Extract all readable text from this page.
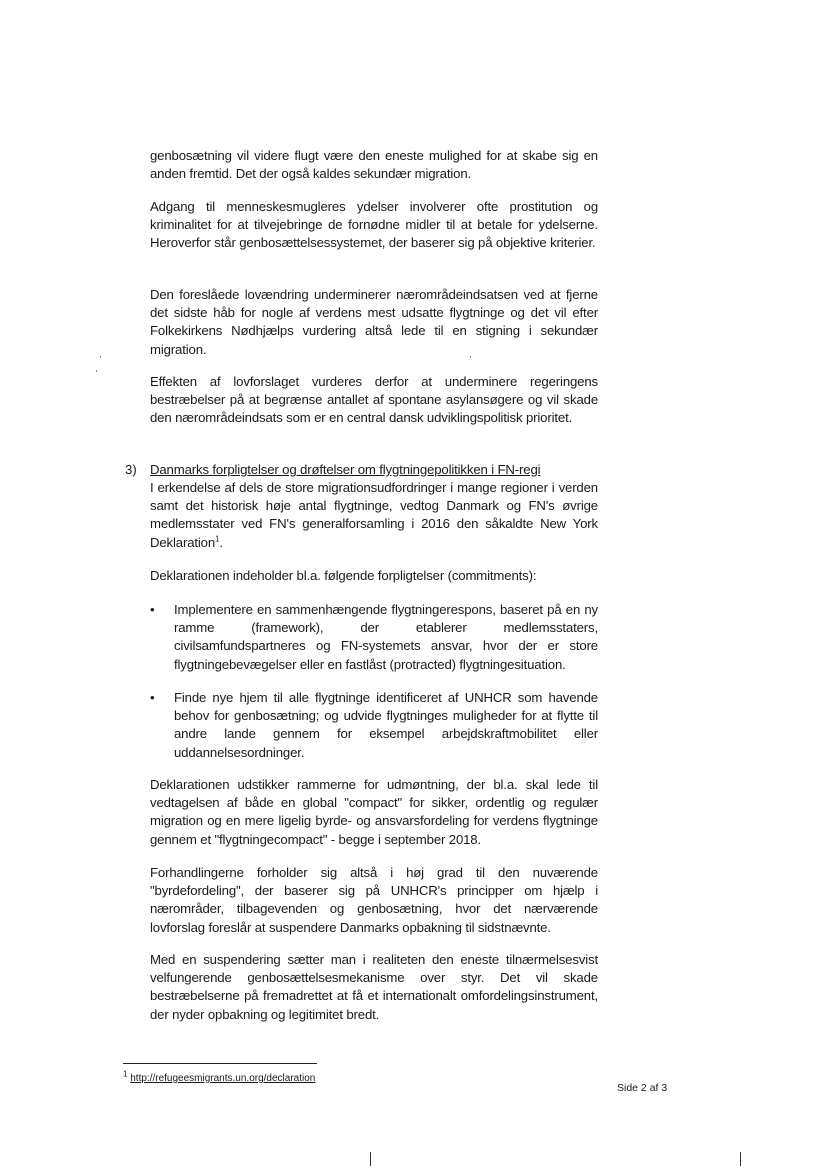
genbosætning vil videre flugt være den eneste mulighed for at skabe sig en anden fremtid. Det der også kaldes sekundær migration.

Adgang til menneskesmuglerеs ydelser involverer ofte prostitution og kriminalitet for at tilvejebringe de fornødne midler til at betale for ydelserne. Heroverfor står genbosættelsessystemet, der baserer sig på objektive kriterier.

Den foreslåede lovændring underminerer nærområdeindsatsen ved at fjerne det sidste håb for nogle af verdens mest udsatte flygtninge og det vil efter Folkekirkens Nødhjælps vurdering altså lede til en stigning i sekundær migration.

Effekten af lovforslaget vurderes derfor at underminere regeringens bestræbelser på at begrænse antallet af spontane asylansøgere og vil skade den nærområdeindsats som er en central dansk udviklingspolitisk prioritet.

3) Danmarks forpligtelser og drøftelser om flygtningepolitikken i FN-regi

I erkendelse af dels de store migrationsudfordringer i mange regioner i verden samt det historisk høje antal flygtninge, vedtog Danmark og FN's øvrige medlemsstater ved FN's generalforsamling i 2016 den såkaldte New York Deklaration$^1$.

Deklarationen indeholder bl.a. følgende forpligtelser (commitments):

• Implementere en sammenhængende flygtningerespons, baseret på en ny ramme (framework), der etablerer medlemsstaters, civilsamfundspartneres og FN-systemets ansvar, hvor der er store flygtningebevægelser eller en fastlåst (protracted) flygtningesituation.

• Finde nye hjem til alle flygtninge identificeret af UNHCR som havende behov for genbosætning; og udvide flygtninges muligheder for at flytte til andre lande gennem for eksempel arbejdskraftmobilitet eller uddannelsesordninger.

Deklarationen udstikker rammerne for udmøntning, der bl.a. skal lede til vedtagelsen af både en global "compact" for sikker, ordentlig og regulær migration og en mere ligelig byrde- og ansvarsfordeling for verdens flygtninge gennem et "flygtningecompact" - begge i september 2018.

Forhandlingerne forholder sig altså i høj grad til den nuværende "byrdefordeling", der baserer sig på UNHCR's principper om hjælp i nærområder, tilbagevenden og genbosætning, hvor det nærværende lovforslag foreslår at suspendere Danmarks opbakning til sidstnævnte.

Med en suspendering sætter man i realiteten den eneste tilnærmelsesvist velfungerende genbosættelsesmekanisme over styr. Det vil skade bestræbelserne på fremadrettet at få et internationalt omfordelingsinstrument, der nyder opbakning og legitimitet bredt.

$^1$ http://refugeesmigrants.un.org/declaration
Side 2 af 3
